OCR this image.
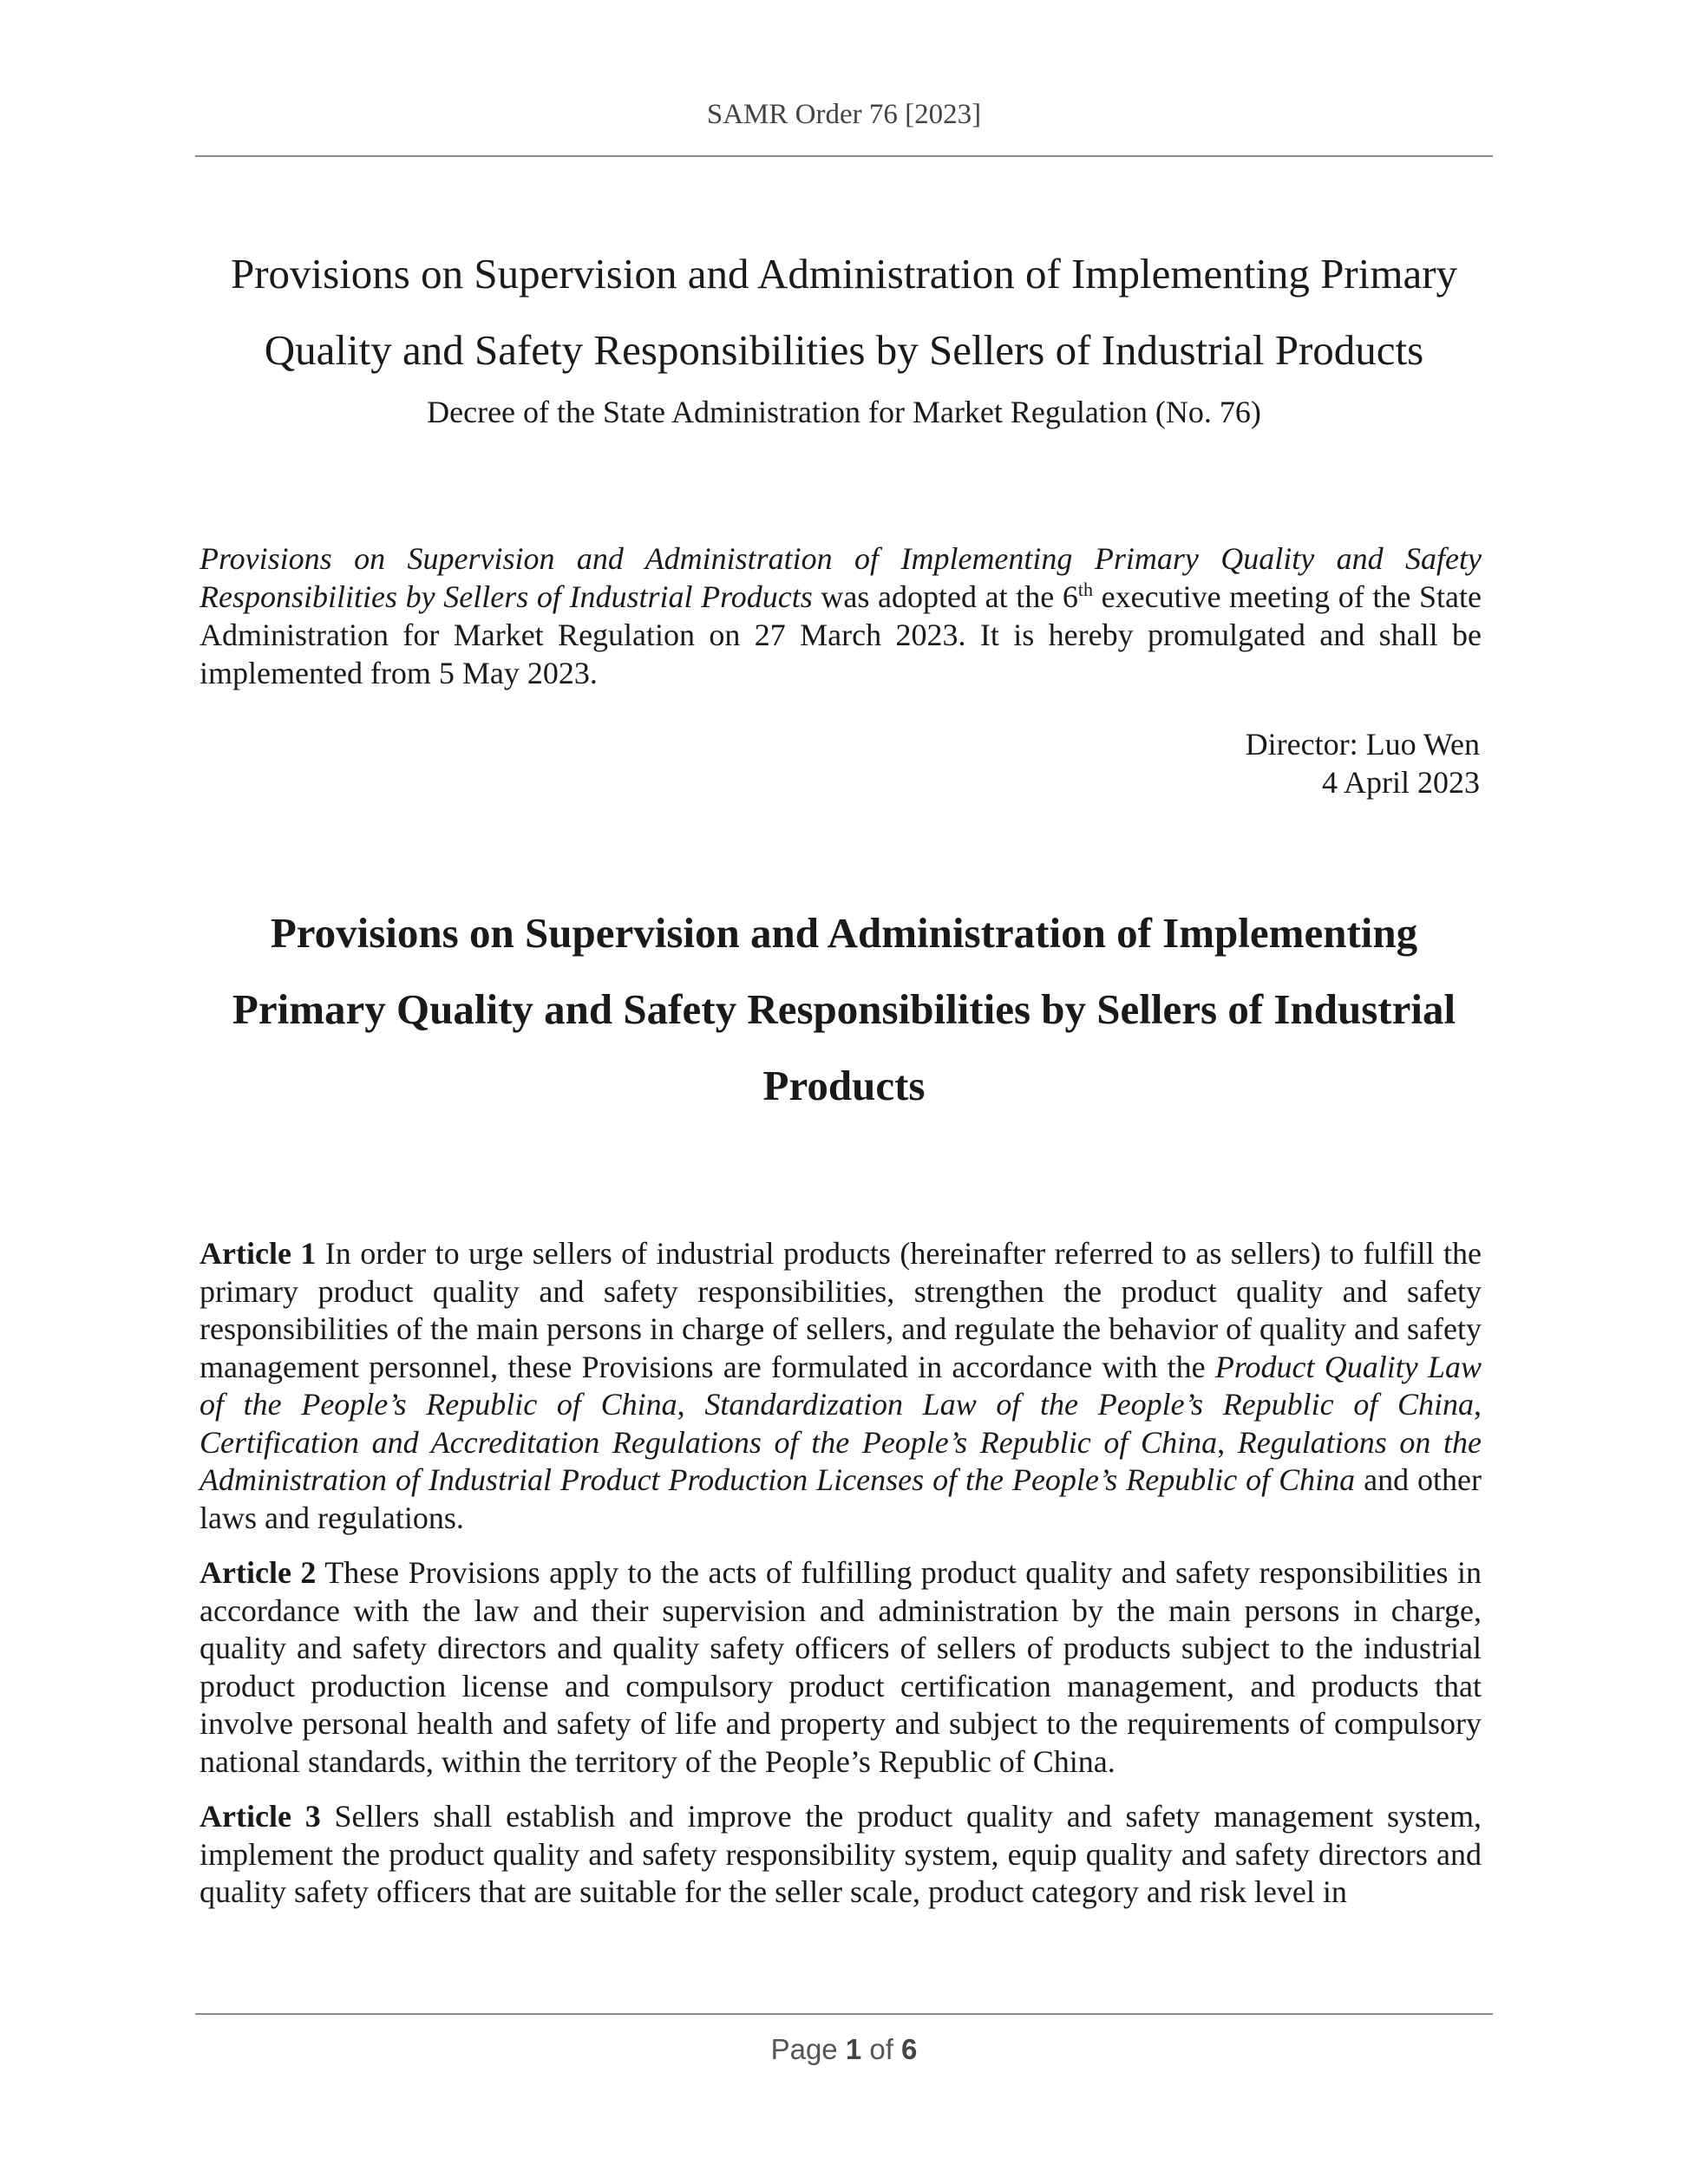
SAMR Order 76 [2023]
Provisions on Supervision and Administration of Implementing Primary
Quality and Safety Responsibilities by Sellers of Industrial Products

Decree of the State Administration for Market Regulation (No. 76)

Provisions on Supervision and Administration of Implementing Primary Quality and Safety Responsibilities by Sellers of Industrial Products was adopted at the 6th executive meeting of the State Administration for Market Regulation on 27 March 2023. It is hereby promulgated and shall be implemented from 5 May 2023.

Director: Luo Wen
4 April 2023
Provisions on Supervision and Administration of Implementing
Primary Quality and Safety Responsibilities by Sellers of Industrial
Products

Article 1 In order to urge sellers of industrial products (hereinafter referred to as sellers) to fulfill the primary product quality and safety responsibilities, strengthen the product quality and safety responsibilities of the main persons in charge of sellers, and regulate the behavior of quality and safety management personnel, these Provisions are formulated in accordance with the Product Quality Law of the People’s Republic of China, Standardization Law of the People’s Republic of China, Certification and Accreditation Regulations of the People’s Republic of China, Regulations on the Administration of Industrial Product Production Licenses of the People’s Republic of China and other laws and regulations.

Article 2 These Provisions apply to the acts of fulfilling product quality and safety responsibilities in accordance with the law and their supervision and administration by the main persons in charge, quality and safety directors and quality safety officers of sellers of products subject to the industrial product production license and compulsory product certification management, and products that involve personal health and safety of life and property and subject to the requirements of compulsory national standards, within the territory of the People’s Republic of China.

Article 3 Sellers shall establish and improve the product quality and safety management system, implement the product quality and safety responsibility system, equip quality and safety directors and quality safety officers that are suitable for the seller scale, product category and risk level in

Page 1 of 6
